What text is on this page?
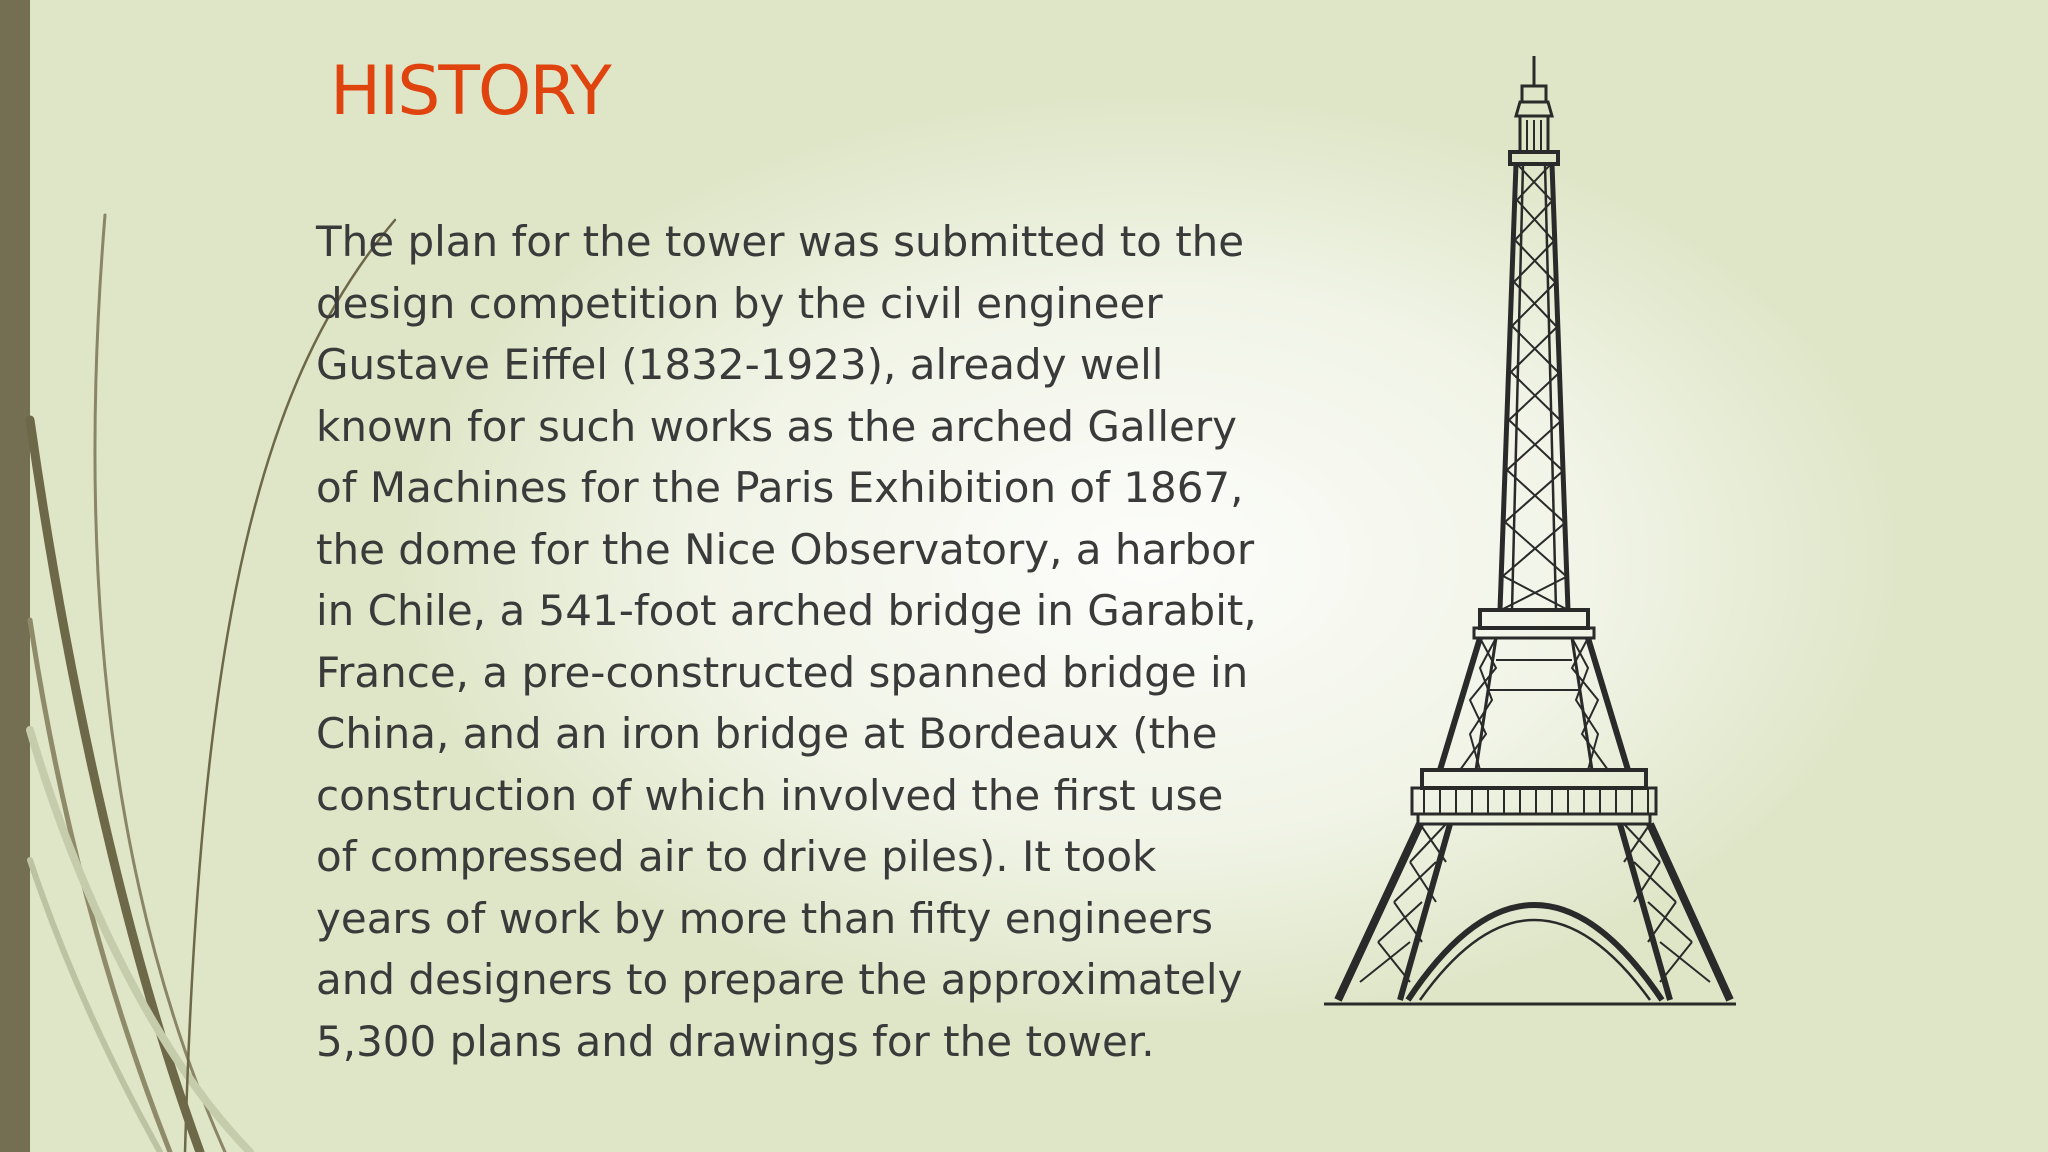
HISTORY

The plan for the tower was submitted to the design competition by the civil engineer Gustave Eiffel (1832-1923), already well known for such works as the arched Gallery of Machines for the Paris Exhibition of 1867, the dome for the Nice Observatory, a harbor in Chile, a 541-foot arched bridge in Garabit, France, a pre-constructed spanned bridge in China, and an iron bridge at Bordeaux (the construction of which involved the first use of compressed air to drive piles). It took years of work by more than fifty engineers and designers to prepare the approximately 5,300 plans and drawings for the tower.
